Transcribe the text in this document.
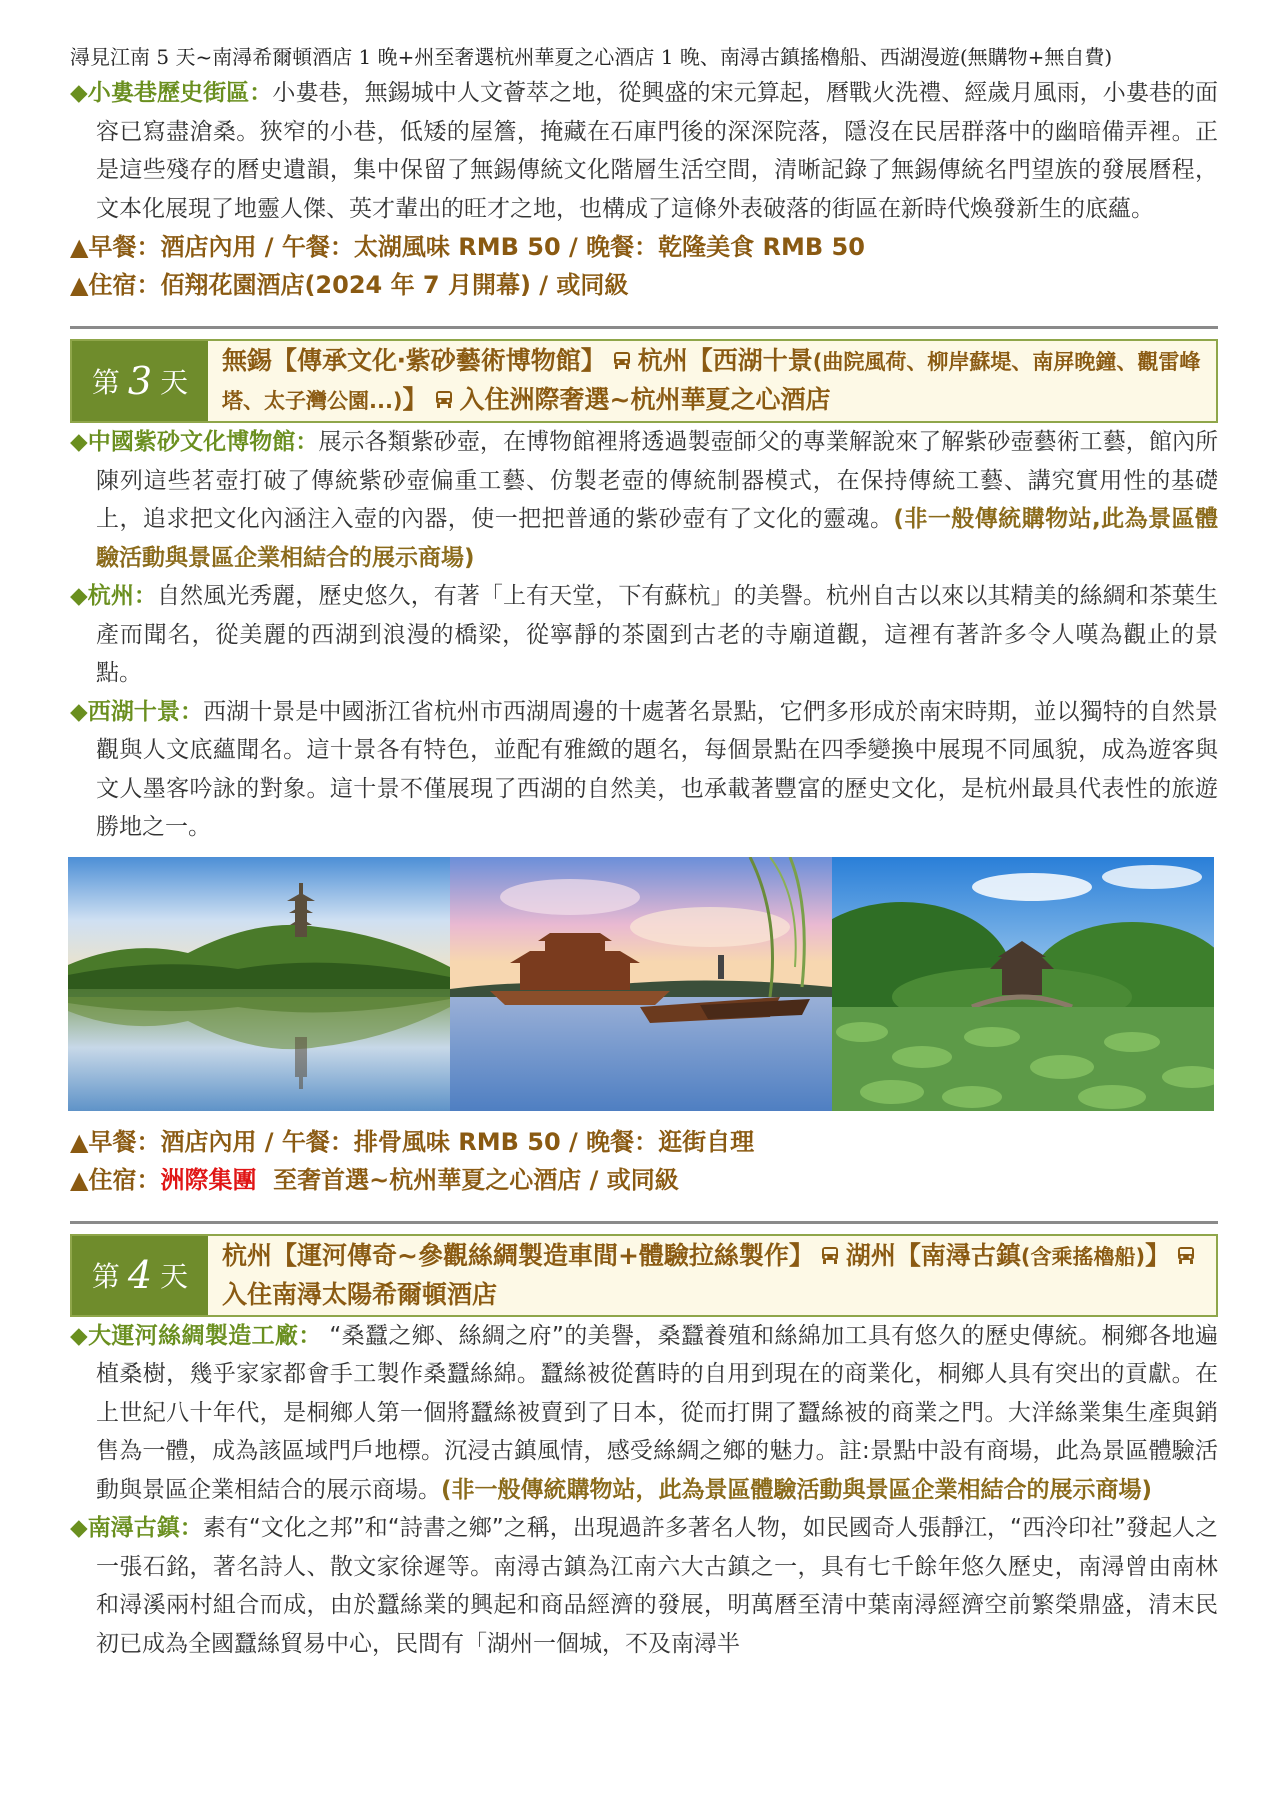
潯見江南 5 天~南潯希爾頓酒店 1 晚+州至奢選杭州華夏之心酒店 1 晚、南潯古鎮搖櫓船、西湖漫遊(無購物+無自費)
◆小婁巷歷史街區：小婁巷，無錫城中人文薈萃之地，從興盛的宋元算起，曆戰火洗禮、經歲月風雨，小婁巷的面容已寫盡滄桑。狹窄的小巷，低矮的屋簷，掩藏在石庫門後的深深院落，隱沒在民居群落中的幽暗備弄裡。正是這些殘存的曆史遺韻，集中保留了無錫傳統文化階層生活空間，清晰記錄了無錫傳統名門望族的發展曆程，文本化展現了地靈人傑、英才輩出的旺才之地，也構成了這條外表破落的街區在新時代煥發新生的底蘊。
▲早餐：酒店內用 / 午餐：太湖風味 RMB 50 / 晚餐：乾隆美食 RMB 50
▲住宿：佰翔花園酒店(2024 年 7 月開幕) / 或同級
第 3 天
無錫【傳承文化‧紫砂藝術博物館】 杭州【西湖十景(曲院風荷、柳岸蘇堤、南屏晚鐘、觀雷峰塔、太子灣公園...)】 入住洲際奢選~杭州華夏之心酒店
◆中國紫砂文化博物館：展示各類紫砂壺，在博物館裡將透過製壺師父的專業解說來了解紫砂壺藝術工藝，館內所陳列這些茗壺打破了傳統紫砂壺偏重工藝、仿製老壺的傳統制器模式，在保持傳統工藝、講究實用性的基礎上，追求把文化內涵注入壺的內器，使一把把普通的紫砂壺有了文化的靈魂。(非一般傳統購物站,此為景區體驗活動與景區企業相結合的展示商場)
◆杭州：自然風光秀麗，歷史悠久，有著「上有天堂，下有蘇杭」的美譽。杭州自古以來以其精美的絲綢和茶葉生產而聞名，從美麗的西湖到浪漫的橋梁，從寧靜的茶園到古老的寺廟道觀，這裡有著許多令人嘆為觀止的景點。
◆西湖十景：西湖十景是中國浙江省杭州市西湖周邊的十處著名景點，它們多形成於南宋時期，並以獨特的自然景觀與人文底蘊聞名。這十景各有特色，並配有雅緻的題名，每個景點在四季變換中展現不同風貌，成為遊客與文人墨客吟詠的對象。這十景不僅展現了西湖的自然美，也承載著豐富的歷史文化，是杭州最具代表性的旅遊勝地之一。
▲早餐：酒店內用 / 午餐：排骨風味 RMB 50 / 晚餐：逛街自理
▲住宿：洲際集團  至奢首選~杭州華夏之心酒店 / 或同級
第 4 天
杭州【運河傳奇~參觀絲綢製造車間+體驗拉絲製作】 湖州【南潯古鎮(含乘搖櫓船)】入住南潯太陽希爾頓酒店
◆大運河絲綢製造工廠： “桑蠶之鄉、絲綢之府”的美譽，桑蠶養殖和絲綿加工具有悠久的歷史傳統。桐鄉各地遍植桑樹，幾乎家家都會手工製作桑蠶絲綿。蠶絲被從舊時的自用到現在的商業化，桐鄉人具有突出的貢獻。在上世紀八十年代，是桐鄉人第一個將蠶絲被賣到了日本，從而打開了蠶絲被的商業之門。大洋絲業集生產與銷售為一體，成為該區域門戶地標。沉浸古鎮風情，感受絲綢之鄉的魅力。註:景點中設有商場，此為景區體驗活動與景區企業相結合的展示商場。(非一般傳統購物站，此為景區體驗活動與景區企業相結合的展示商場)
◆南潯古鎮：素有“文化之邦”和“詩書之鄉”之稱，出現過許多著名人物，如民國奇人張靜江，“西泠印社”發起人之一張石銘，著名詩人、散文家徐遲等。南潯古鎮為江南六大古鎮之一，具有七千餘年悠久歷史，南潯曾由南林和潯溪兩村組合而成，由於蠶絲業的興起和商品經濟的發展，明萬曆至清中葉南潯經濟空前繁榮鼎盛，清末民初已成為全國蠶絲貿易中心，民間有「湖州一個城，不及南潯半
